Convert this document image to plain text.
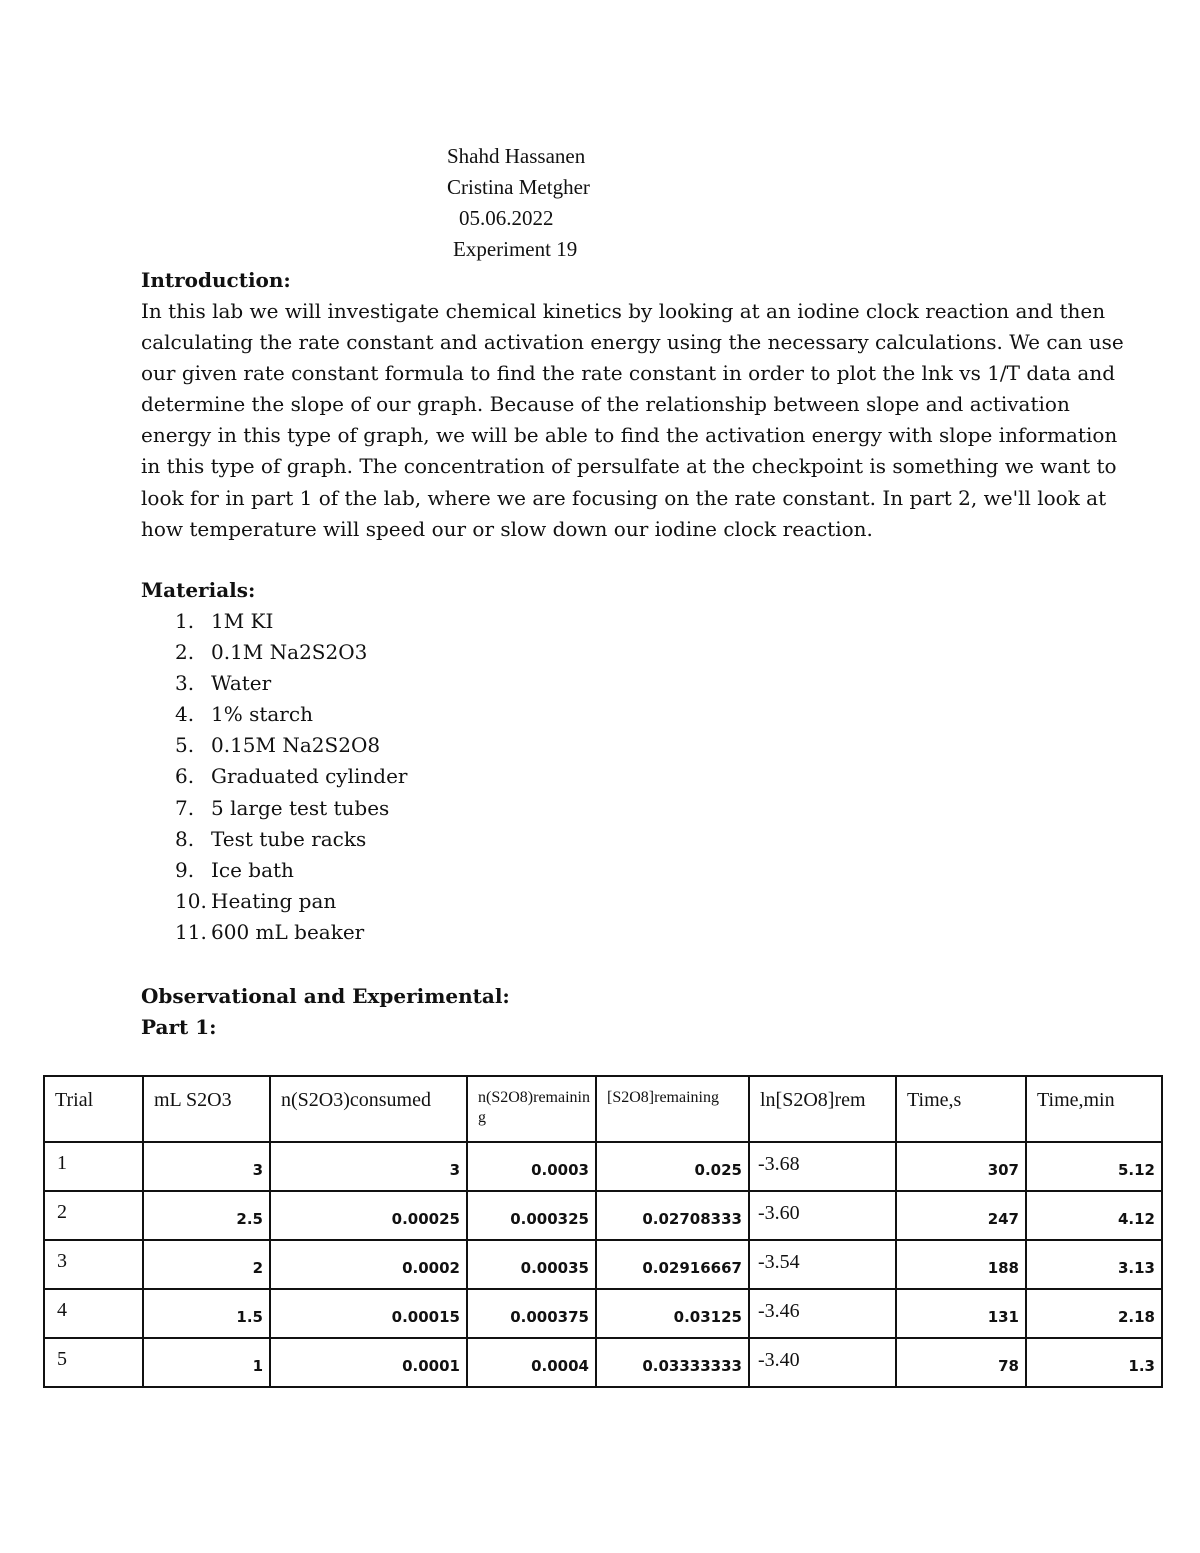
Shahd Hassanen
Cristina Metgher
05.06.2022
Experiment 19
Introduction:
In this lab we will investigate chemical kinetics by looking at an iodine clock reaction and then
calculating the rate constant and activation energy using the necessary calculations. We can use
our given rate constant formula to find the rate constant in order to plot the lnk vs 1/T data and
determine the slope of our graph. Because of the relationship between slope and activation
energy in this type of graph, we will be able to find the activation energy with slope information
in this type of graph. The concentration of persulfate at the checkpoint is something we want to
look for in part 1 of the lab, where we are focusing on the rate constant. In part 2, we'll look at
how temperature will speed our or slow down our iodine clock reaction.
Materials:
1. 1M KI
2. 0.1M Na2S2O3
3. Water
4. 1% starch
5. 0.15M Na2S2O8
6. Graduated cylinder
7. 5 large test tubes
8. Test tube racks
9. Ice bath
10. Heating pan
11. 600 mL beaker
Observational and Experimental:
Part 1:
Trial	mL S2O3	n(S2O3)consumed	n(S2O8)remaining	[S2O8]remaining	ln[S2O8]rem	Time,s	Time,min

1	3	3	0.0003	0.025	-3.68	307	5.12

2	2.5	0.00025	0.000325	0.02708333	-3.60	247	4.12

3	2	0.0002	0.00035	0.02916667	-3.54	188	3.13

4	1.5	0.00015	0.000375	0.03125	-3.46	131	2.18

5	1	0.0001	0.0004	0.03333333	-3.40	78	1.3
